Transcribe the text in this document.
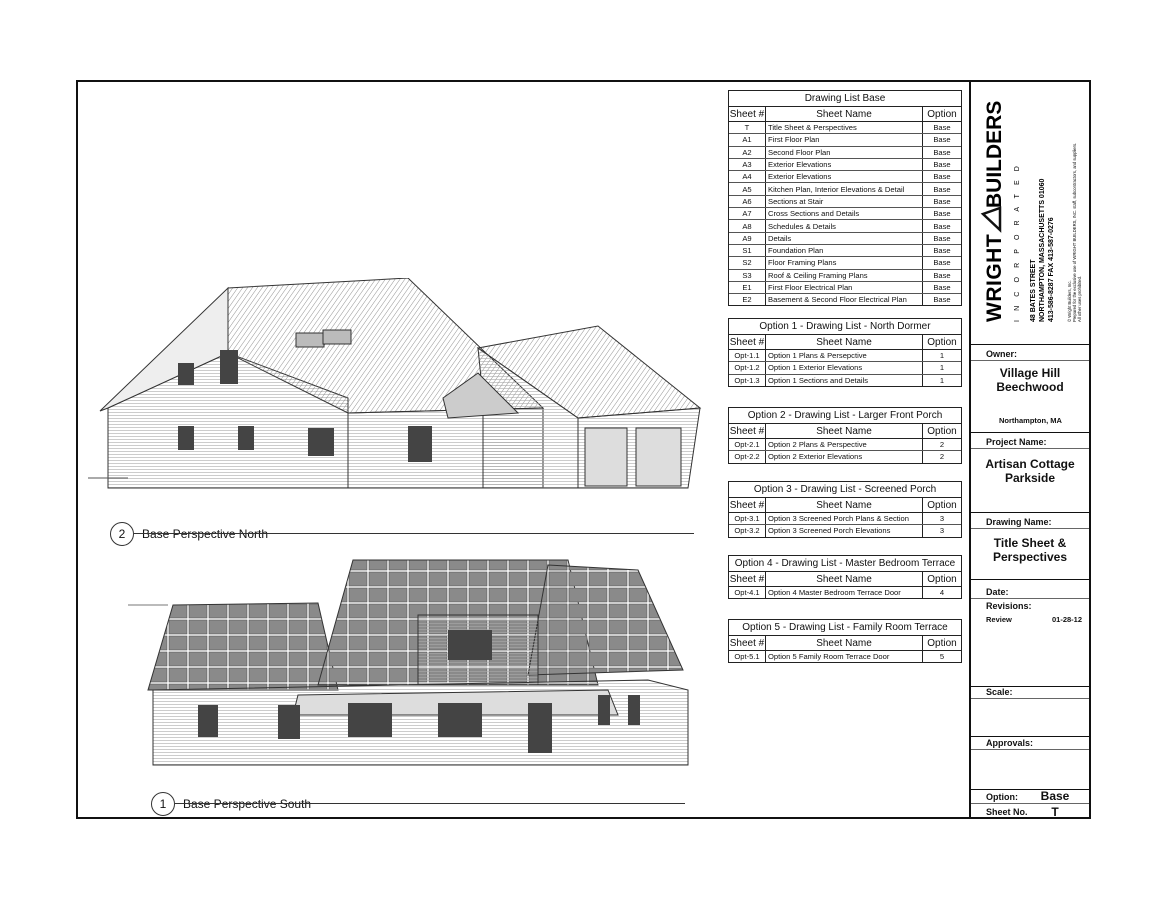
2	Base Perspective North
1	Base Perspective South
Drawing List Base
Sheet #	Sheet Name	Option
T	Title Sheet & Perspectives	Base
A1	First Floor Plan	Base
A2	Second Floor Plan	Base
A3	Exterior Elevations	Base
A4	Exterior Elevations	Base
A5	Kitchen Plan, Interior Elevations & Detail	Base
A6	Sections at Stair	Base
A7	Cross Sections and Details	Base
A8	Schedules & Details	Base
A9	Details	Base
S1	Foundation Plan	Base
S2	Floor Framing Plans	Base
S3	Roof & Ceiling Framing Plans	Base
E1	First Floor Electrical Plan	Base
E2	Basement & Second Floor Electrical Plan	Base
Option 1 - Drawing List - North Dormer
Sheet #	Sheet Name	Option
Opt-1.1	Option 1 Plans & Persepctive	1
Opt-1.2	Option 1 Exterior Elevations	1
Opt-1.3	Option 1 Sections and Details	1
Option 2 - Drawing List - Larger Front Porch
Sheet #	Sheet Name	Option
Opt-2.1	Option 2 Plans & Perspective	2
Opt-2.2	Option 2 Exterior Elevations	2
Option 3 - Drawing List - Screened Porch
Sheet #	Sheet Name	Option
Opt-3.1	Option 3 Screened Porch Plans & Section	3
Opt-3.2	Option 3 Screened Porch Elevations	3
Option 4 - Drawing List - Master Bedroom Terrace
Sheet #	Sheet Name	Option
Opt-4.1	Option 4 Master Bedroom Terrace Door	4
Option 5 - Drawing List - Family Room Terrace
Sheet #	Sheet Name	Option
Opt-5.1	Option 5 Family Room Terrace Door	5
WRIGHT
BUILDERS
I N C O R P O R A T E D 48 BATES STREET NORTHAMPTON, MASSACHUSETTS 01060 413-586-8287 FAX 413-587-0276	© Wright Builders, Inc. Prepared for the exclusive use of WRIGHT BUILDERS, INC. staff, subcontractors, and suppliers. All other uses prohibited.
Owner:
Village Hill
Beechwood
Northampton, MA
Project Name:
Artisan Cottage
Parkside
Drawing Name:
Title Sheet &
Perspectives
Date:
Revisions:
Review	01-28-12
Scale:
Approvals:
Option:	Base
Sheet No.	T
